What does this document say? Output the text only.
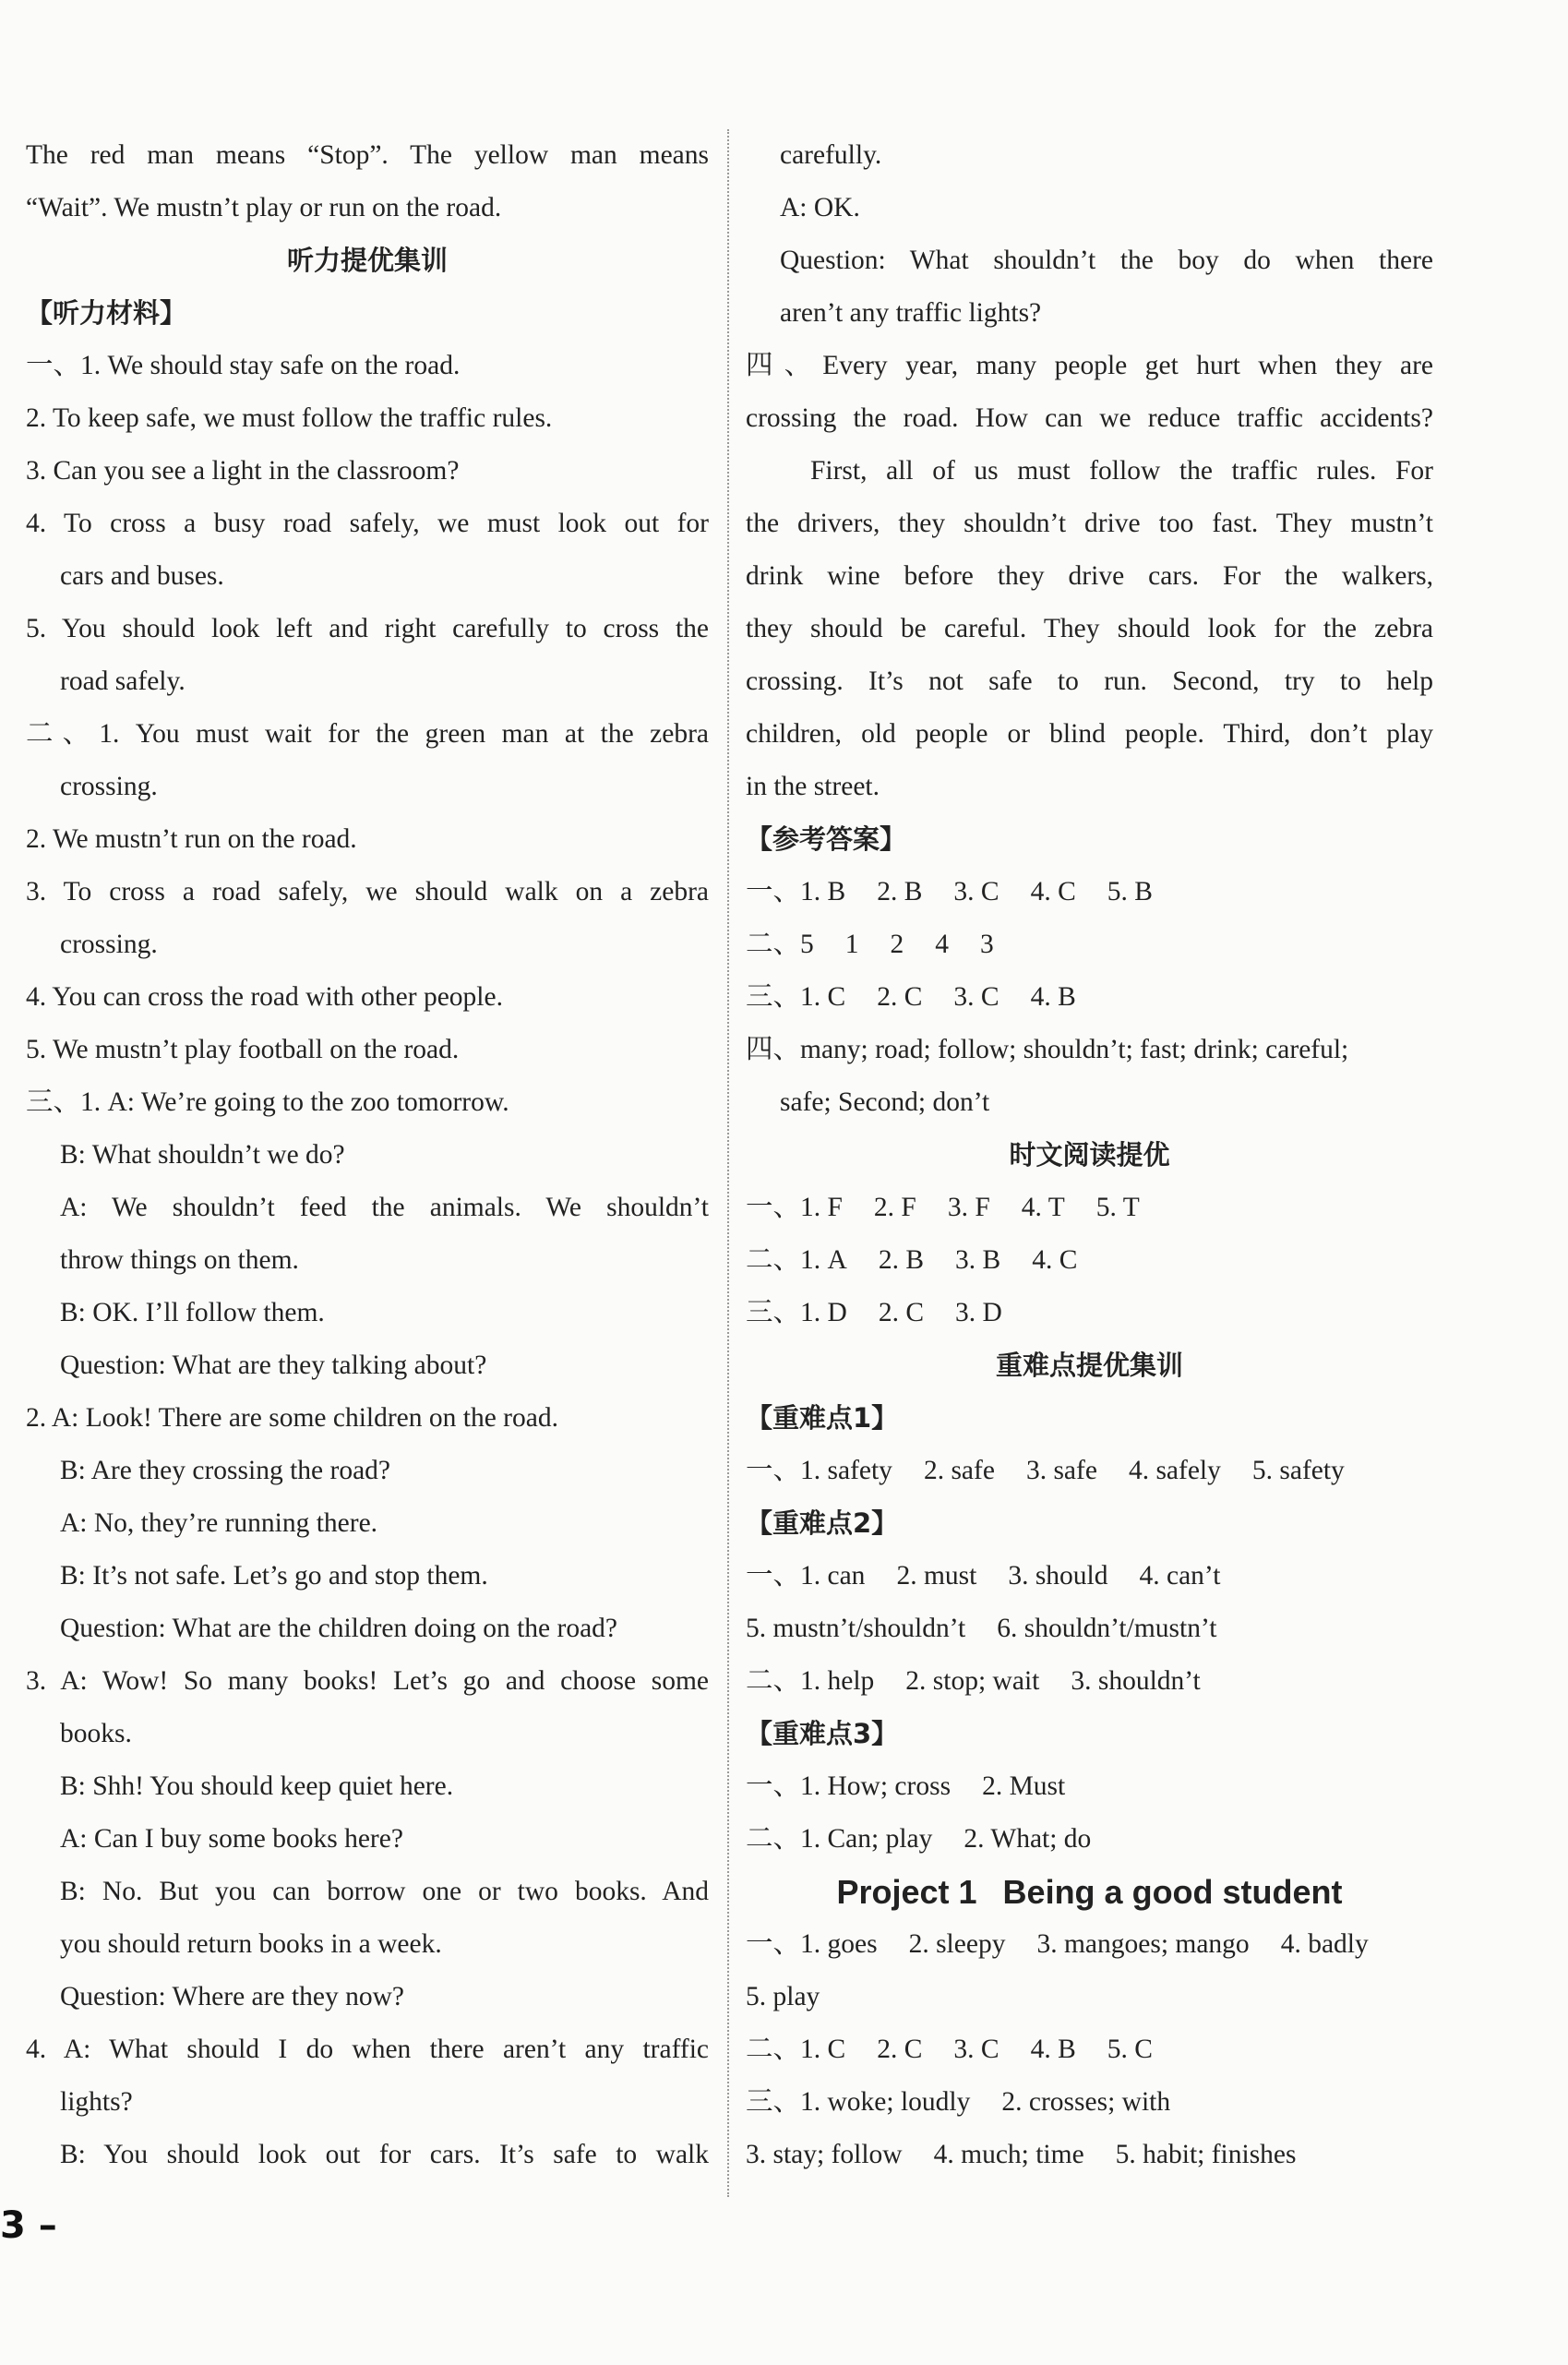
The red man means “Stop”. The yellow man means
“Wait”. We mustn’t play or run on the road.
听力提优集训
【听力材料】
一、1. We should stay safe on the road.
2. To keep safe, we must follow the traffic rules.
3. Can you see a light in the classroom?
4. To cross a busy road safely, we must look out for
cars and buses.
5. You should look left and right carefully to cross the
road safely.
二、1. You must wait for the green man at the zebra
crossing.
2. We mustn’t run on the road.
3. To cross a road safely, we should walk on a zebra
crossing.
4. You can cross the road with other people.
5. We mustn’t play football on the road.
三、1. A: We’re going to the zoo tomorrow.
B: What shouldn’t we do?
A: We shouldn’t feed the animals. We shouldn’t
throw things on them.
B: OK. I’ll follow them.
Question: What are they talking about?
2. A: Look! There are some children on the road.
B: Are they crossing the road?
A: No, they’re running there.
B: It’s not safe. Let’s go and stop them.
Question: What are the children doing on the road?
3. A: Wow! So many books! Let’s go and choose some
books.
B: Shh! You should keep quiet here.
A: Can I buy some books here?
B: No. But you can borrow one or two books. And
you should return books in a week.
Question: Where are they now?
4. A: What should I do when there aren’t any traffic
lights?
B: You should look out for cars. It’s safe to walk
carefully.
A: OK.
Question: What shouldn’t the boy do when there
aren’t any traffic lights?
四、Every year, many people get hurt when they are
crossing the road. How can we reduce traffic accidents?
First, all of us must follow the traffic rules. For
the drivers, they shouldn’t drive too fast. They mustn’t
drink wine before they drive cars. For the walkers,
they should be careful. They should look for the zebra
crossing. It’s not safe to run. Second, try to help
children, old people or blind people. Third, don’t play
in the street.
【参考答案】
一、1. B 2. B 3. C 4. C 5. B
二、5 1 2 4 3
三、1. C 2. C 3. C 4. B
四、many; road; follow; shouldn’t; fast; drink; careful;
safe; Second; don’t
时文阅读提优
一、1. F 2. F 3. F 4. T 5. T
二、1. A 2. B 3. B 4. C
三、1. D 2. C 3. D
重难点提优集训
【重难点1】
一、1. safety 2. safe 3. safe 4. safely 5. safety
【重难点2】
一、1. can 2. must 3. should 4. can’t
5. mustn’t/shouldn’t 6. shouldn’t/mustn’t
二、1. help 2. stop; wait 3. shouldn’t
【重难点3】
一、1. How; cross 2. Must
二、1. Can; play 2. What; do
Project 1 Being a good student
一、1. goes 2. sleepy 3. mangoes; mango 4. badly
5. play
二、1. C 2. C 3. C 4. B 5. C
三、1. woke; loudly 2. crosses; with
3. stay; follow 4. much; time 5. habit; finishes
3 –
